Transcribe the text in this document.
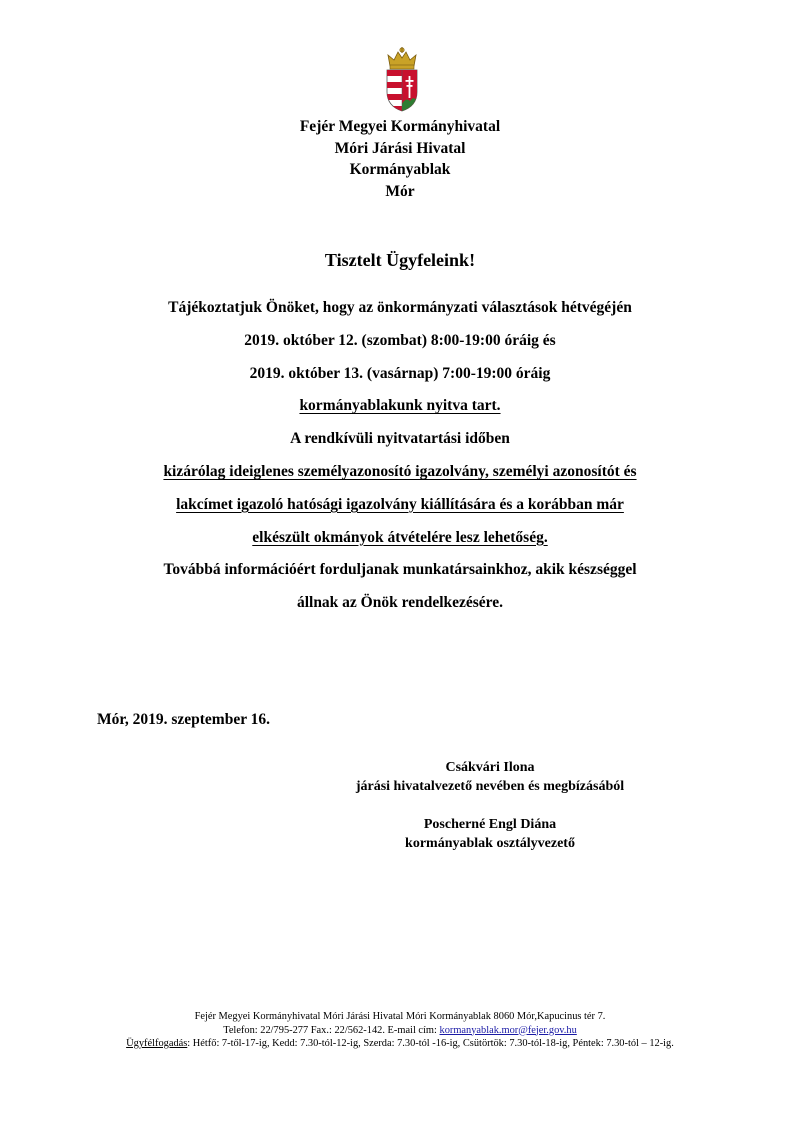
Fejér Megyei Kormányhivatal
Móri Járási Hivatal
Kormányablak
Mór
Tisztelt Ügyfeleink!
Tájékoztatjuk Önöket, hogy az önkormányzati választások hétvégéjén
2019. október 12. (szombat) 8:00-19:00 óráig és
2019. október 13. (vasárnap) 7:00-19:00 óráig
kormányablakunk nyitva tart.
A rendkívüli nyitvatartási időben
kizárólag ideiglenes személyazonosító igazolvány, személyi azonosítót és
lakcímet igazoló hatósági igazolvány kiállítására és a korábban már
elkészült okmányok átvételére lesz lehetőség.
Továbbá információért forduljanak munkatársainkhoz, akik készséggel
állnak az Önök rendelkezésére.
Mór, 2019. szeptember 16.
Csákvári Ilona
járási hivatalvezető nevében és megbízásából
Poscherné Engl Diána
kormányablak osztályvezető
Fejér Megyei Kormányhivatal Móri Járási Hivatal Móri Kormányablak 8060 Mór,Kapucinus tér 7.
Telefon: 22/795-277 Fax.: 22/562-142. E-mail cím: kormanyablak.mor@fejer.gov.hu
Ügyfélfogadás: Hétfő: 7-től-17-ig, Kedd: 7.30-tól-12-ig, Szerda: 7.30-tól -16-ig, Csütörtök: 7.30-tól-18-ig, Péntek: 7.30-tól – 12-ig.
